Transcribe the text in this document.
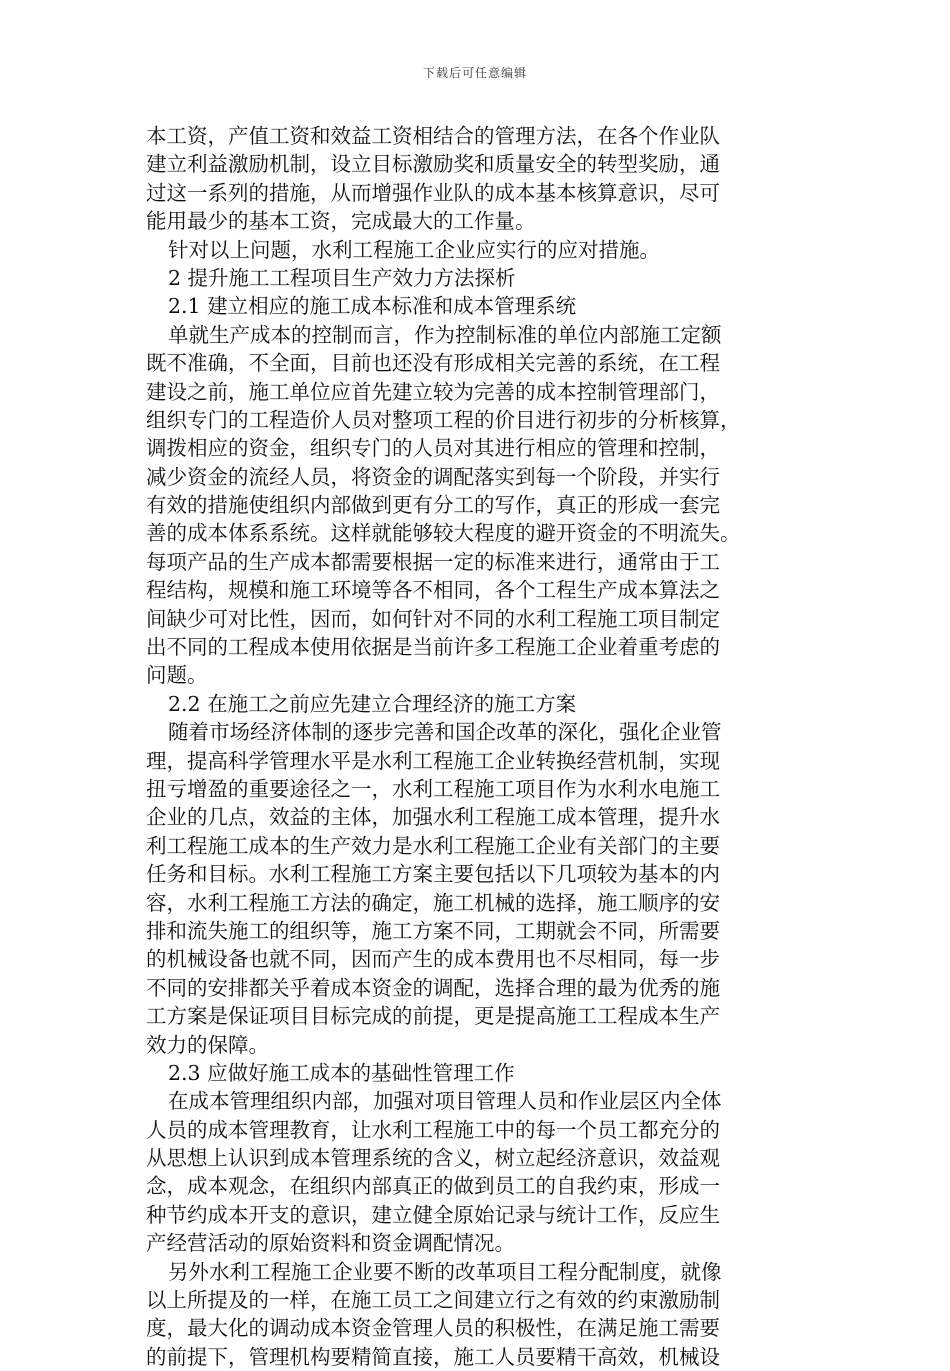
下载后可任意编辑
本工资，产值工资和效益工资相结合的管理方法，在各个作业队
建立利益激励机制，设立目标激励奖和质量安全的转型奖励，通
过这一系列的措施，从而增强作业队的成本基本核算意识，尽可
能用最少的基本工资，完成最大的工作量。
针对以上问题，水利工程施工企业应实行的应对措施。
2 提升施工工程项目生产效力方法探析
2.1 建立相应的施工成本标准和成本管理系统
单就生产成本的控制而言，作为控制标准的单位内部施工定额
既不准确，不全面，目前也还没有形成相关完善的系统，在工程
建设之前，施工单位应首先建立较为完善的成本控制管理部门，
组织专门的工程造价人员对整项工程的价目进行初步的分析核算，
调拨相应的资金，组织专门的人员对其进行相应的管理和控制，
减少资金的流经人员，将资金的调配落实到每一个阶段，并实行
有效的措施使组织内部做到更有分工的写作，真正的形成一套完
善的成本体系系统。这样就能够较大程度的避开资金的不明流失。
每项产品的生产成本都需要根据一定的标准来进行，通常由于工
程结构，规模和施工环境等各不相同，各个工程生产成本算法之
间缺少可对比性，因而，如何针对不同的水利工程施工项目制定
出不同的工程成本使用依据是当前许多工程施工企业着重考虑的
问题。
2.2 在施工之前应先建立合理经济的施工方案
随着市场经济体制的逐步完善和国企改革的深化，强化企业管
理，提高科学管理水平是水利工程施工企业转换经营机制，实现
扭亏增盈的重要途径之一，水利工程施工项目作为水利水电施工
企业的几点，效益的主体，加强水利工程施工成本管理，提升水
利工程施工成本的生产效力是水利工程施工企业有关部门的主要
任务和目标。水利工程施工方案主要包括以下几项较为基本的内
容，水利工程施工方法的确定，施工机械的选择，施工顺序的安
排和流失施工的组织等，施工方案不同，工期就会不同，所需要
的机械设备也就不同，因而产生的成本费用也不尽相同，每一步
不同的安排都关乎着成本资金的调配，选择合理的最为优秀的施
工方案是保证项目目标完成的前提，更是提高施工工程成本生产
效力的保障。
2.3 应做好施工成本的基础性管理工作
在成本管理组织内部，加强对项目管理人员和作业层区内全体
人员的成本管理教育，让水利工程施工中的每一个员工都充分的
从思想上认识到成本管理系统的含义，树立起经济意识，效益观
念，成本观念，在组织内部真正的做到员工的自我约束，形成一
种节约成本开支的意识，建立健全原始记录与统计工作，反应生
产经营活动的原始资料和资金调配情况。
另外水利工程施工企业要不断的改革项目工程分配制度，就像
以上所提及的一样，在施工员工之间建立行之有效的约束激励制
度，最大化的调动成本资金管理人员的积极性，在满足施工需要
的前提下，管理机构要精简直接，施工人员要精干高效，机械设
